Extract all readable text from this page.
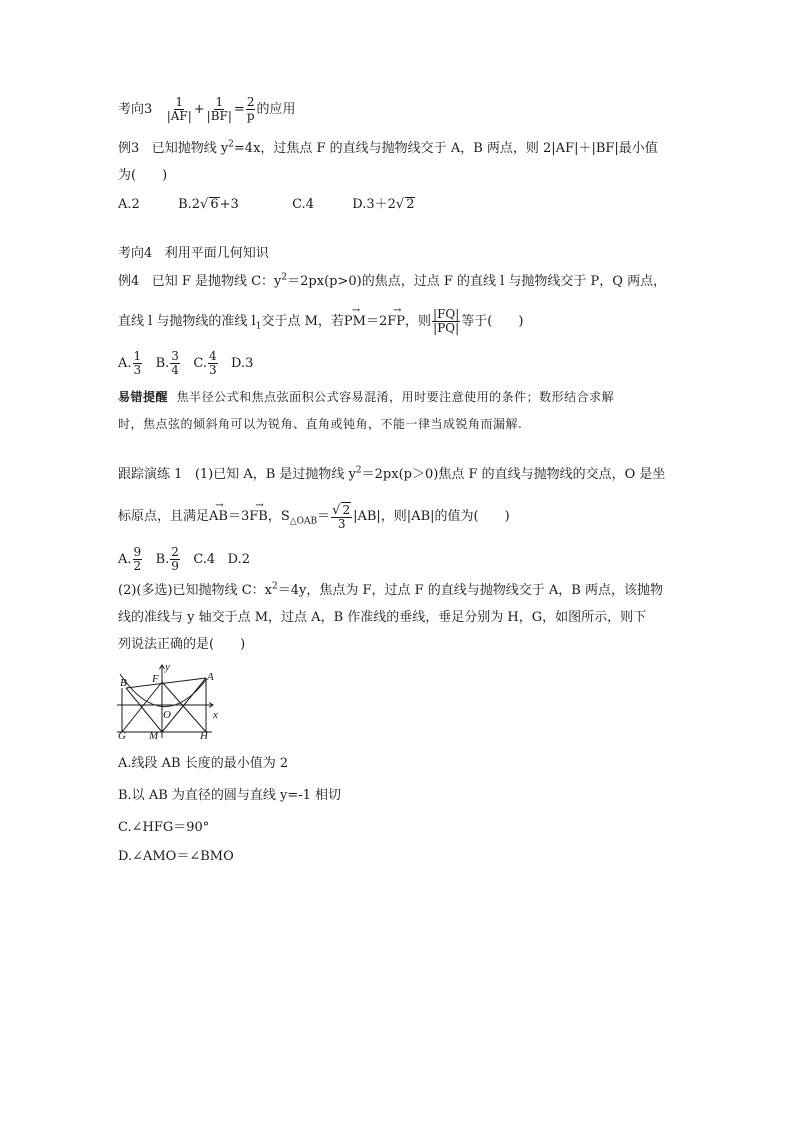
考向$3 \frac{1}{|AF|} + \frac{1}{|BF|} = \frac{2}{p}$ 的应用
例3 已知抛物线 $y^2=4x$，过焦点 F 的直线与抛物线交于 A，B 两点，则 2|AF|＋|BF|最小值
为(　　)
A.2	B.2√ 6+3	C.4	D.3＋2√ 2
考向4 利用平面几何知识
例4 已知 F 是抛物线 C：$y^2=2px(p>0)$的焦点，过点 F 的直线 l 与抛物线交于 P，Q 两点，
直线 l 与抛物线的准线 $l_1$交于点 M，若→ PM＝2→ FP，则 $\frac{|FQ|}{|PQ|}$ 等于(　　)
A. $\frac{1}{3} B$. $\frac{3}{4} C$. $\frac{4}{3} D.3$
易错提醒 焦半径公式和焦点弦面积公式容易混淆，用时要注意使用的条件；数形结合求解
时，焦点弦的倾斜角可以为锐角、直角或钝角，不能一律当成锐角而漏解.
跟踪演练 1 (1)已知 A，B 是过抛物线 $y^2=2px(p>0)$焦点 F 的直线与抛物线的交点，O 是坐
标原点，且满足→ AB＝3→ FB，$S_{\triangle OAB}= \frac{√ 2}{3} |AB|$，则|AB|的值为(　　)
A. $\frac{9}{2} B$. $\frac{2}{9} C.4$ D.2
(2)(多选)已知抛物线 C：$x^2=4y$，焦点为 F，过点 F 的直线与抛物线交于 A，B 两点，该抛物
线的准线与 y 轴交于点 M，过点 A，B 作准线的垂线，垂足分别为 H，G，如图所示，则下
列说法正确的是(　　)
B F	A
y
O	x
G M	H
A.线段 AB 长度的最小值为 2
B.以 AB 为直径的圆与直线 y=-1 相切
C.∠HFG＝90°
D.∠AMO＝∠BMO
